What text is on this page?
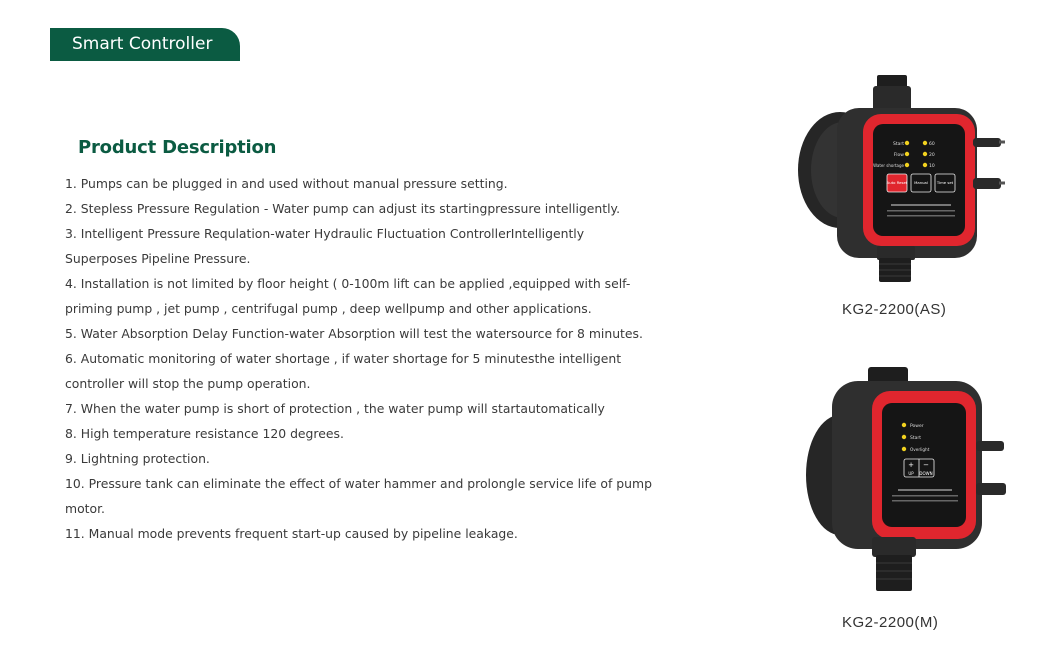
Smart Controller
Product Description
1. Pumps can be plugged in and used without manual pressure setting.
2. Stepless Pressure Regulation - Water pump can adjust its startingpressure intelligently.
3. Intelligent Pressure Requlation-water Hydraulic Fluctuation ControllerIntelligently
Superposes Pipeline Pressure.
4. Installation is not limited by floor height ( 0-100m lift can be applied ,equipped with self-
priming pump , jet pump , centrifugal pump , deep wellpump and other applications.
5. Water Absorption Delay Function-water Absorption will test the watersource for 8 minutes.
6. Automatic monitoring of water shortage , if water shortage for 5 minutesthe intelligent
controller will stop the pump operation.
7. When the water pump is short of protection , the water pump will startautomatically
8. High temperature resistance 120 degrees.
9. Lightning protection.
10. Pressure tank can eliminate the effect of water hammer and prolongle service life of pump
motor.
11. Manual mode prevents frequent start-up caused by pipeline leakage.
Start
Flow
Water shortage
60
20
10
Auto Reset Manual Time set
KG2-2200(AS)
Power
Start
Overlight
+ −
UP DOWN
KG2-2200(M)
